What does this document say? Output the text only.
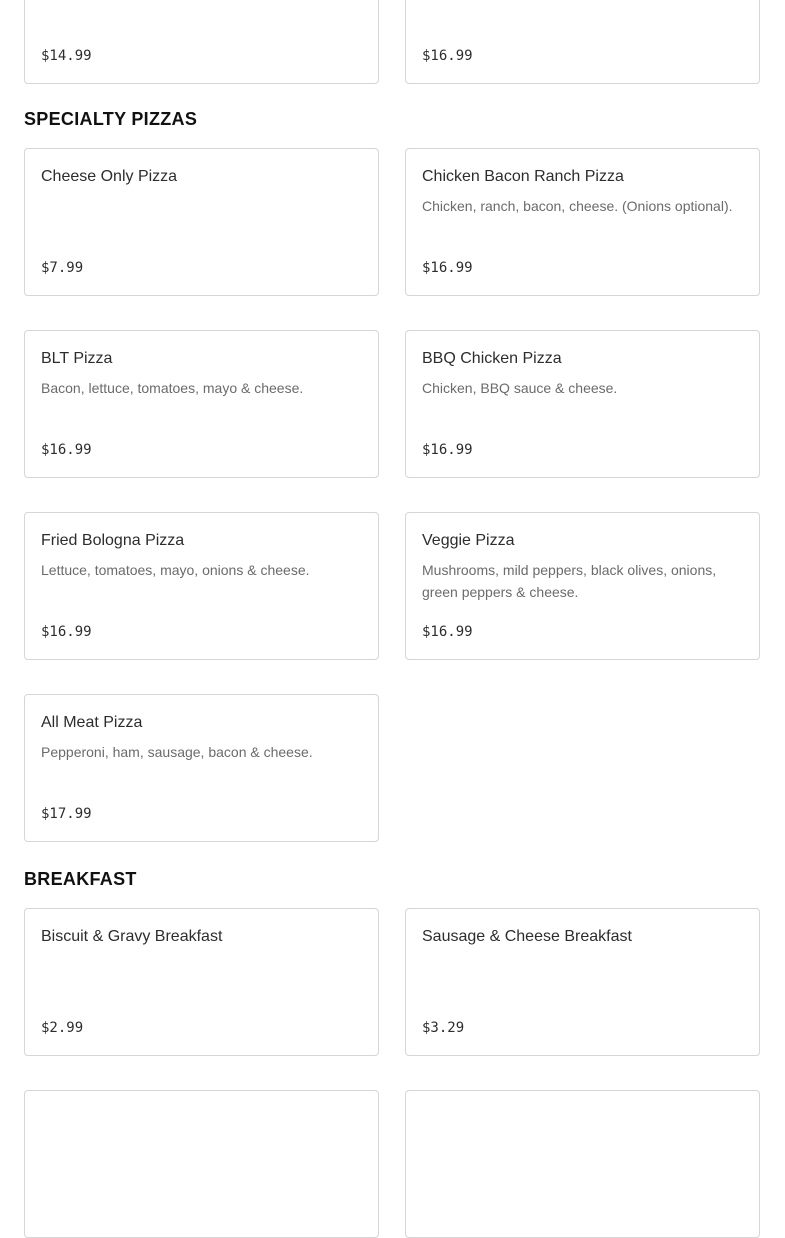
$14.99	$16.99
SPECIALTY PIZZAS
Cheese Only Pizza
$7.99
Chicken Bacon Ranch Pizza
Chicken, ranch, bacon, cheese. (Onions optional).
$16.99
BLT Pizza
Bacon, lettuce, tomatoes, mayo & cheese.
$16.99
BBQ Chicken Pizza
Chicken, BBQ sauce & cheese.
$16.99
Fried Bologna Pizza
Lettuce, tomatoes, mayo, onions & cheese.
$16.99
Veggie Pizza
Mushrooms, mild peppers, black olives, onions, green peppers & cheese.
$16.99
All Meat Pizza
Pepperoni, ham, sausage, bacon & cheese.
$17.99
BREAKFAST
Biscuit & Gravy Breakfast
$2.99
Sausage & Cheese Breakfast
$3.29
